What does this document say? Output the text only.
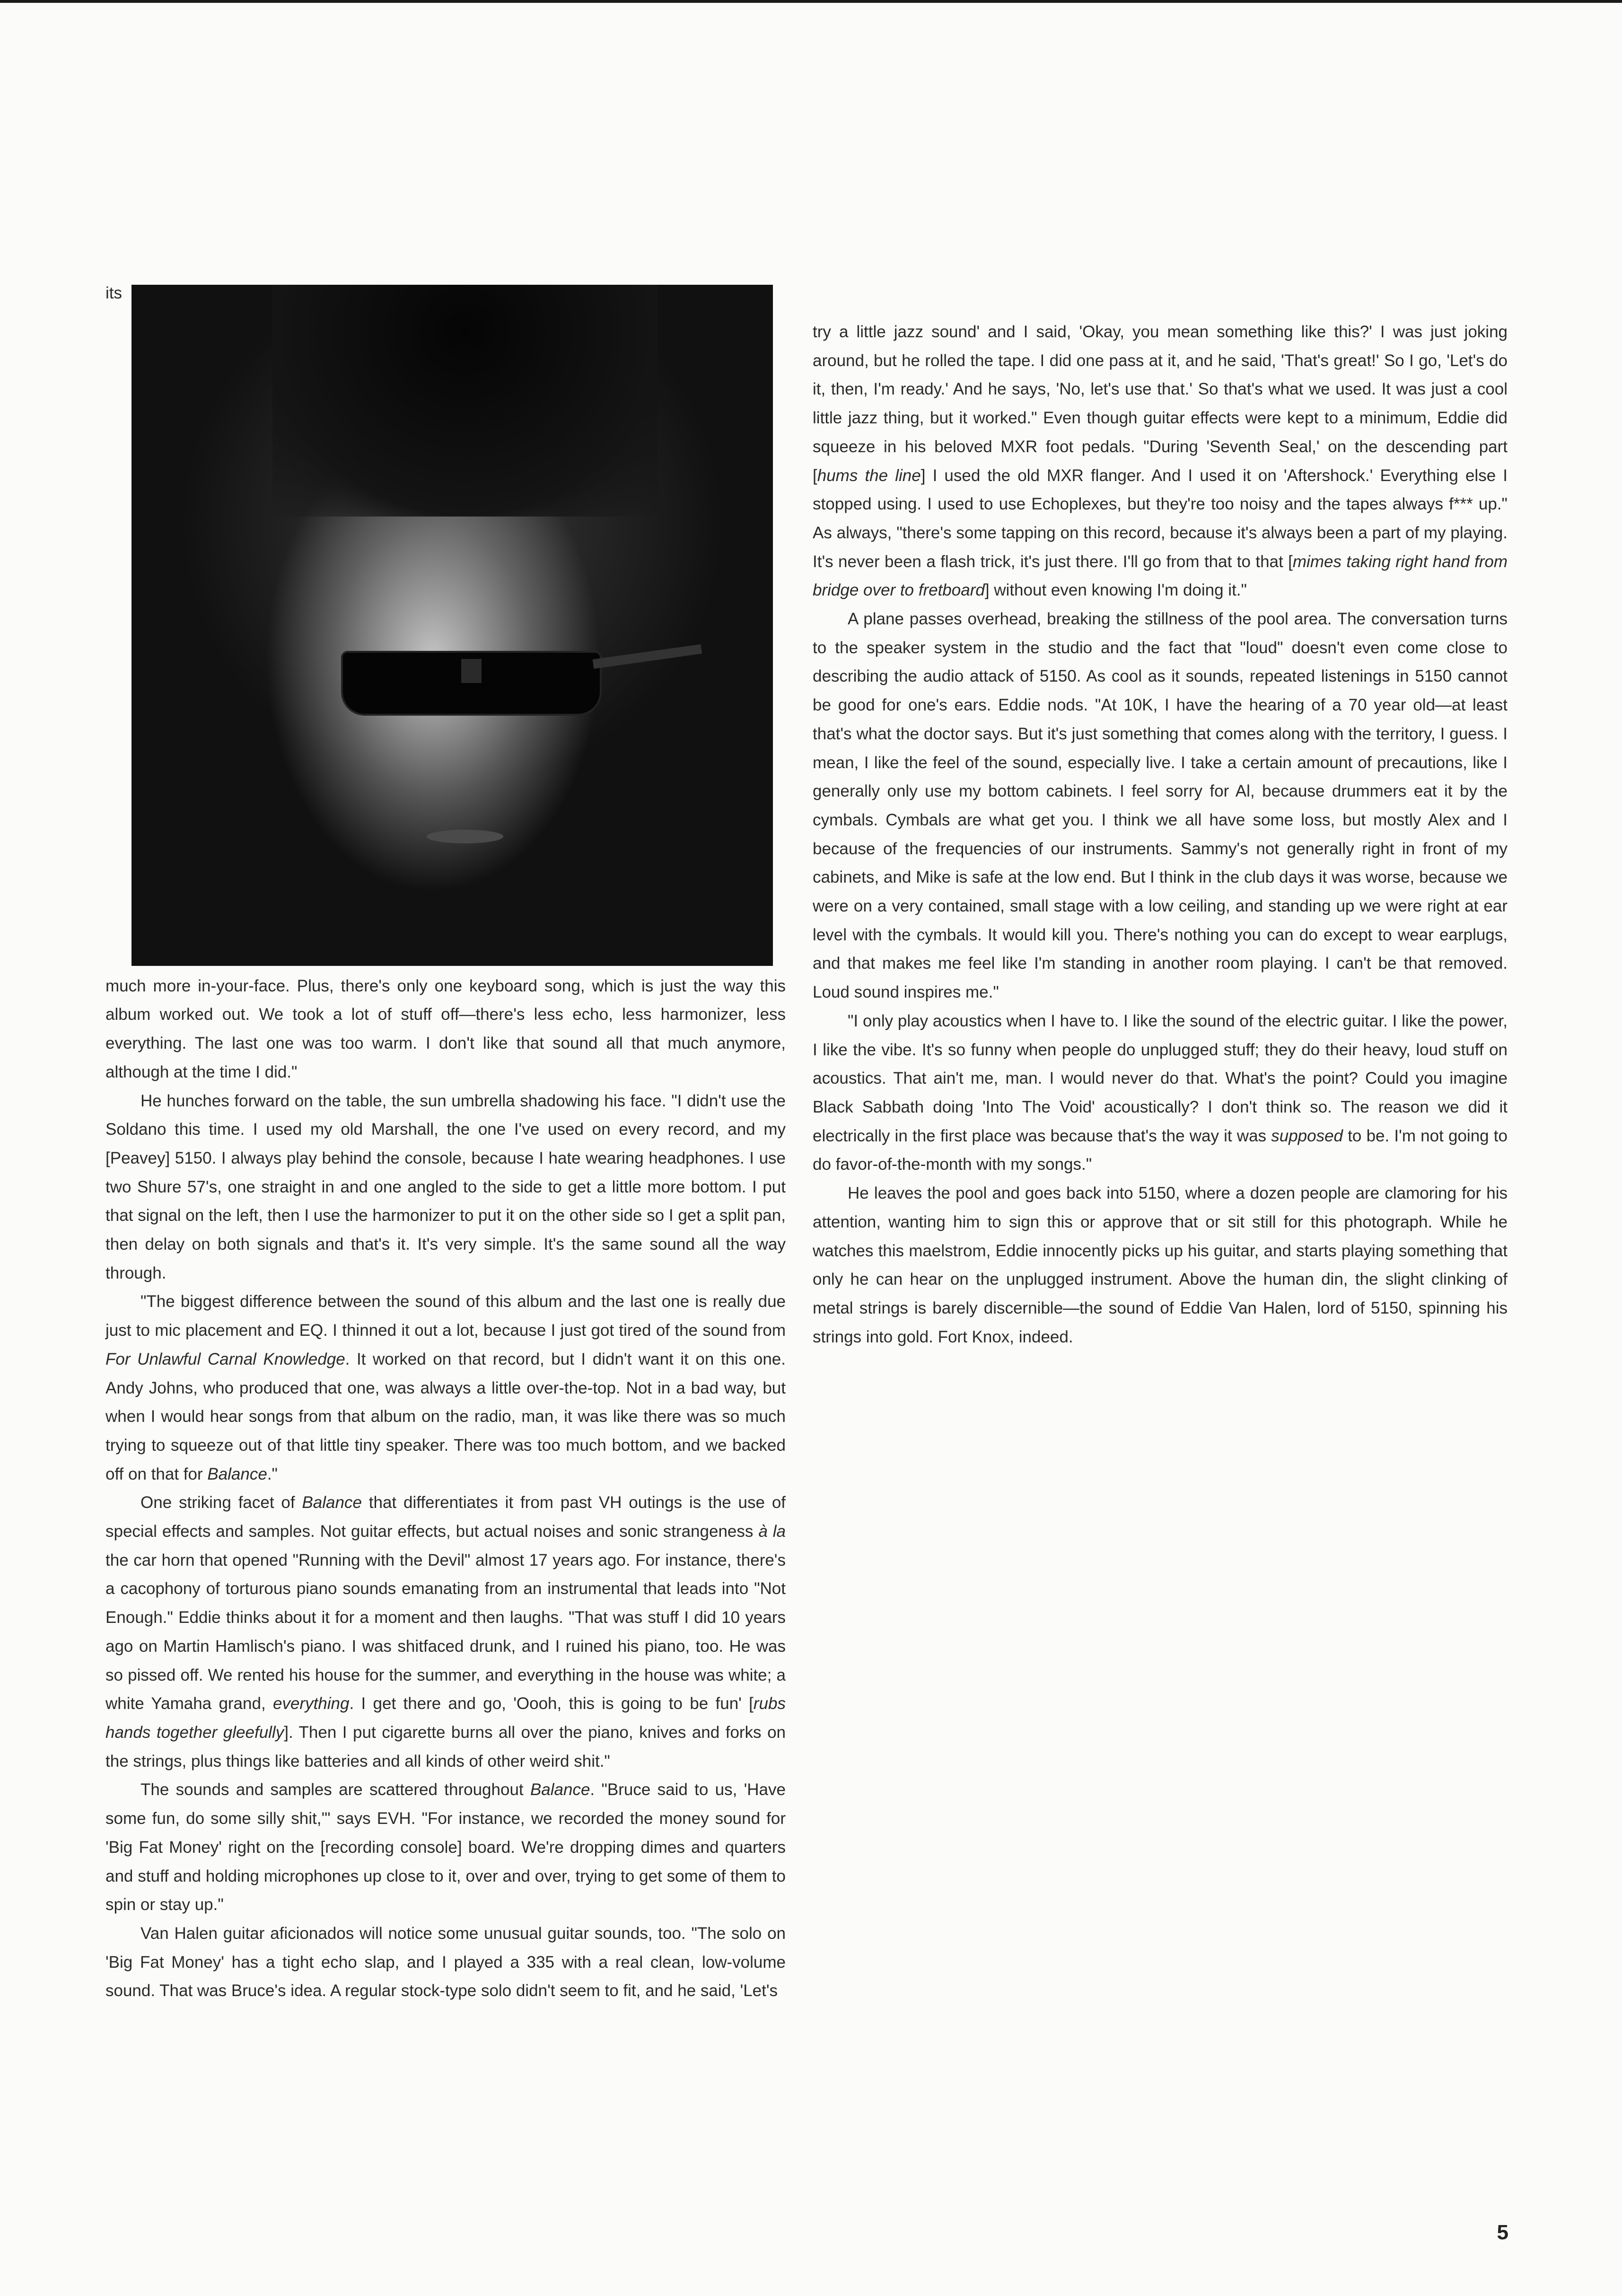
its much more in-your-face. Plus, there's only one keyboard song, which is just the way this album worked out. We took a lot of stuff off—there's less echo, less harmonizer, less everything. The last one was too warm. I don't like that sound all that much anymore, although at the time I did."

He hunches forward on the table, the sun umbrella shadowing his face. "I didn't use the Soldano this time. I used my old Marshall, the one I've used on every record, and my [Peavey] 5150. I always play behind the console, because I hate wearing headphones. I use two Shure 57's, one straight in and one angled to the side to get a little more bottom. I put that signal on the left, then I use the harmonizer to put it on the other side so I get a split pan, then delay on both signals and that's it. It's very simple. It's the same sound all the way through.

"The biggest difference between the sound of this album and the last one is really due just to mic placement and EQ. I thinned it out a lot, because I just got tired of the sound from For Unlawful Carnal Knowledge. It worked on that record, but I didn't want it on this one. Andy Johns, who produced that one, was always a little over-the-top. Not in a bad way, but when I would hear songs from that album on the radio, man, it was like there was so much trying to squeeze out of that little tiny speaker. There was too much bottom, and we backed off on that for Balance."

One striking facet of Balance that differentiates it from past VH outings is the use of special effects and samples. Not guitar effects, but actual noises and sonic strangeness à la the car horn that opened "Running with the Devil" almost 17 years ago. For instance, there's a cacophony of torturous piano sounds emanating from an instrumental that leads into "Not Enough." Eddie thinks about it for a moment and then laughs. "That was stuff I did 10 years ago on Martin Hamlisch's piano. I was shitfaced drunk, and I ruined his piano, too. He was so pissed off. We rented his house for the summer, and everything in the house was white; a white Yamaha grand, everything. I get there and go, 'Oooh, this is going to be fun' [rubs hands together gleefully]. Then I put cigarette burns all over the piano, knives and forks on the strings, plus things like batteries and all kinds of other weird shit."

The sounds and samples are scattered throughout Balance. "Bruce said to us, 'Have some fun, do some silly shit,'" says EVH. "For instance, we recorded the money sound for 'Big Fat Money' right on the [recording console] board. We're dropping dimes and quarters and stuff and holding microphones up close to it, over and over, trying to get some of them to spin or stay up."

Van Halen guitar aficionados will notice some unusual guitar sounds, too. "The solo on 'Big Fat Money' has a tight echo slap, and I played a 335 with a real clean, low-volume sound. That was Bruce's idea. A regular stock-type solo didn't seem to fit, and he said, 'Let's

try a little jazz sound' and I said, 'Okay, you mean something like this?' I was just joking around, but he rolled the tape. I did one pass at it, and he said, 'That's great!' So I go, 'Let's do it, then, I'm ready.' And he says, 'No, let's use that.' So that's what we used. It was just a cool little jazz thing, but it worked." Even though guitar effects were kept to a minimum, Eddie did squeeze in his beloved MXR foot pedals. "During 'Seventh Seal,' on the descending part [hums the line] I used the old MXR flanger. And I used it on 'Aftershock.' Everything else I stopped using. I used to use Echoplexes, but they're too noisy and the tapes always f*** up." As always, "there's some tapping on this record, because it's always been a part of my playing. It's never been a flash trick, it's just there. I'll go from that to that [mimes taking right hand from bridge over to fretboard] without even knowing I'm doing it."

A plane passes overhead, breaking the stillness of the pool area. The conversation turns to the speaker system in the studio and the fact that "loud" doesn't even come close to describing the audio attack of 5150. As cool as it sounds, repeated listenings in 5150 cannot be good for one's ears. Eddie nods. "At 10K, I have the hearing of a 70 year old—at least that's what the doctor says. But it's just something that comes along with the territory, I guess. I mean, I like the feel of the sound, especially live. I take a certain amount of precautions, like I generally only use my bottom cabinets. I feel sorry for Al, because drummers eat it by the cymbals. Cymbals are what get you. I think we all have some loss, but mostly Alex and I because of the frequencies of our instruments. Sammy's not generally right in front of my cabinets, and Mike is safe at the low end. But I think in the club days it was worse, because we were on a very contained, small stage with a low ceiling, and standing up we were right at ear level with the cymbals. It would kill you. There's nothing you can do except to wear earplugs, and that makes me feel like I'm standing in another room playing. I can't be that removed. Loud sound inspires me."

"I only play acoustics when I have to. I like the sound of the electric guitar. I like the power, I like the vibe. It's so funny when people do unplugged stuff; they do their heavy, loud stuff on acoustics. That ain't me, man. I would never do that. What's the point? Could you imagine Black Sabbath doing 'Into The Void' acoustically? I don't think so. The reason we did it electrically in the first place was because that's the way it was supposed to be. I'm not going to do favor-of-the-month with my songs."

He leaves the pool and goes back into 5150, where a dozen people are clamoring for his attention, wanting him to sign this or approve that or sit still for this photograph. While he watches this maelstrom, Eddie innocently picks up his guitar, and starts playing something that only he can hear on the unplugged instrument. Above the human din, the slight clinking of metal strings is barely discernible—the sound of Eddie Van Halen, lord of 5150, spinning his strings into gold. Fort Knox, indeed.

5
